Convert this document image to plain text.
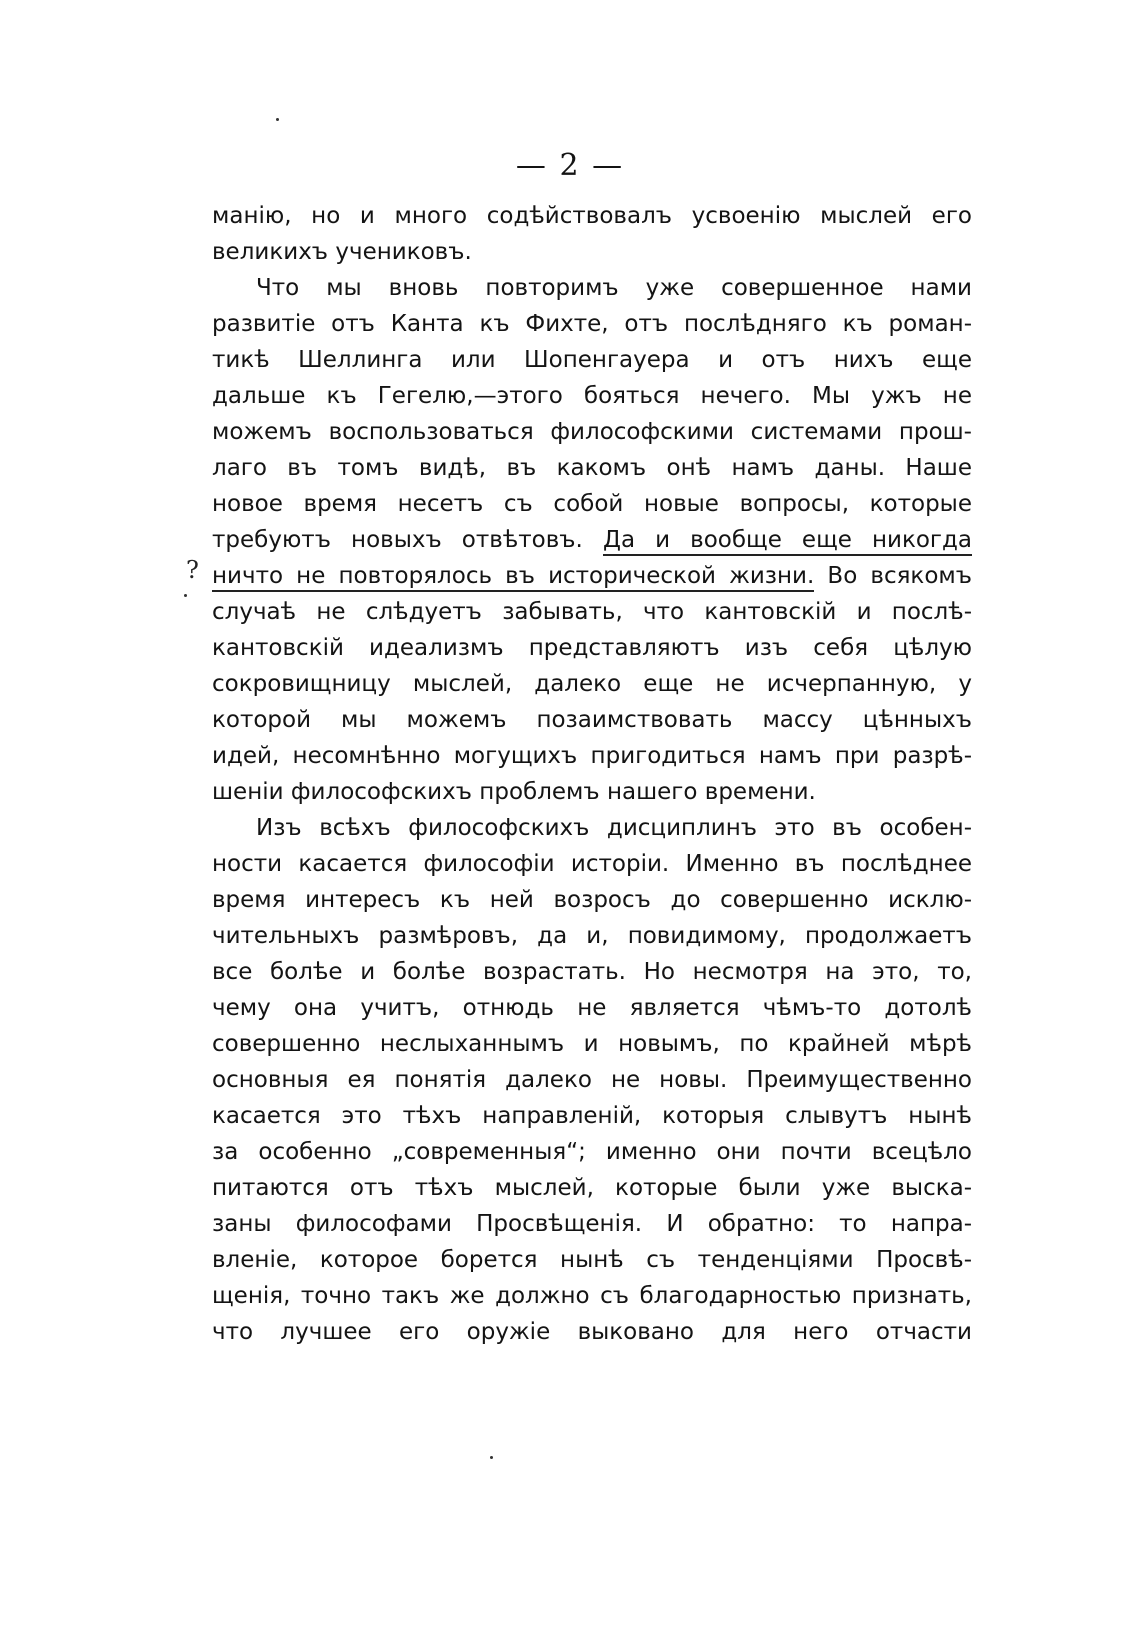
— 2 —
?
манію, но и много содѣйствовалъ усвоенію мыслей его
великихъ учениковъ.
Что мы вновь повторимъ уже совершенное нами
развитіе отъ Канта къ Фихте, отъ послѣдняго къ роман-
тикѣ Шеллинга или Шопенгауера и отъ нихъ еще
дальше къ Гегелю,—этого бояться нечего. Мы ужъ не
можемъ воспользоваться философскими системами прош-
лаго въ томъ видѣ, въ какомъ онѣ намъ даны. Наше
новое время несетъ съ собой новые вопросы, которые
требуютъ новыхъ отвѣтовъ. Да и вообще еще никогда
ничто не повторялось въ исторической жизни. Во всякомъ
случаѣ не слѣдуетъ забывать, что кантовскій и послѣ-
кантовскій идеализмъ представляютъ изъ себя цѣлую
сокровищницу мыслей, далеко еще не исчерпанную, у
которой мы можемъ позаимствовать массу цѣнныхъ
идей, несомнѣнно могущихъ пригодиться намъ при разрѣ-
шеніи философскихъ проблемъ нашего времени.
Изъ всѣхъ философскихъ дисциплинъ это въ особен-
ности касается философіи исторіи. Именно въ послѣднее
время интересъ къ ней возросъ до совершенно исклю-
чительныхъ размѣровъ, да и, повидимому, продолжаетъ
все болѣе и болѣе возрастать. Но несмотря на это, то,
чему она учитъ, отнюдь не является чѣмъ-то дотолѣ
совершенно неслыханнымъ и новымъ, по крайней мѣрѣ
основныя ея понятія далеко не новы. Преимущественно
касается это тѣхъ направленій, которыя слывутъ нынѣ
за особенно „современныя“; именно они почти всецѣло
питаются отъ тѣхъ мыслей, которые были уже выска-
заны философами Просвѣщенія. И обратно: то напра-
вленіе, которое борется нынѣ съ тенденціями Просвѣ-
щенія, точно такъ же должно съ благодарностью признать,
что лучшее его оружіе выковано для него отчасти
